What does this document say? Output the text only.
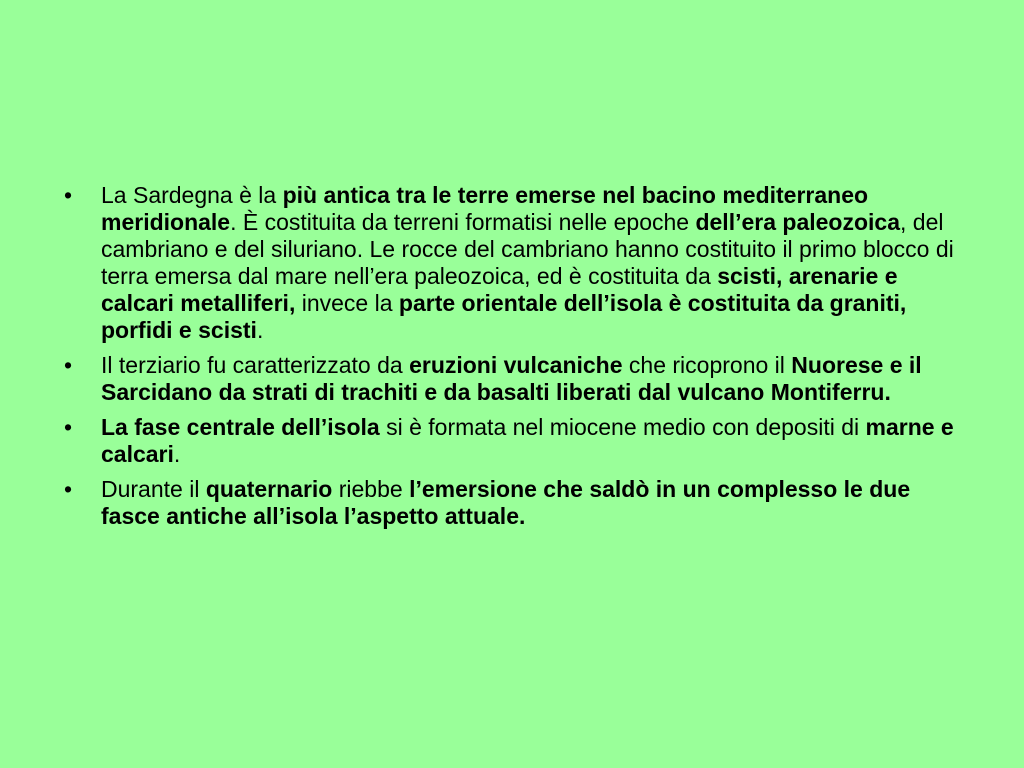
• La Sardegna è la più antica tra le terre emerse nel bacino mediterraneo meridionale. È costituita da terreni formatisi nelle epoche dell’era paleozoica, del cambriano e del siluriano. Le rocce del cambriano hanno costituito il primo blocco di terra emersa dal mare nell’era paleozoica, ed è costituita da scisti, arenarie e calcari metalliferi, invece la parte orientale dell’isola è costituita da graniti, porfidi e scisti.
• Il terziario fu caratterizzato da eruzioni vulcaniche che ricoprono il Nuorese e il Sarcidano da strati di trachiti e da basalti liberati dal vulcano Montiferru.
• La fase centrale dell’isola si è formata nel miocene medio con depositi di marne e calcari.
• Durante il quaternario riebbe l’emersione che saldò in un complesso le due fasce antiche all’isola l’aspetto attuale.
